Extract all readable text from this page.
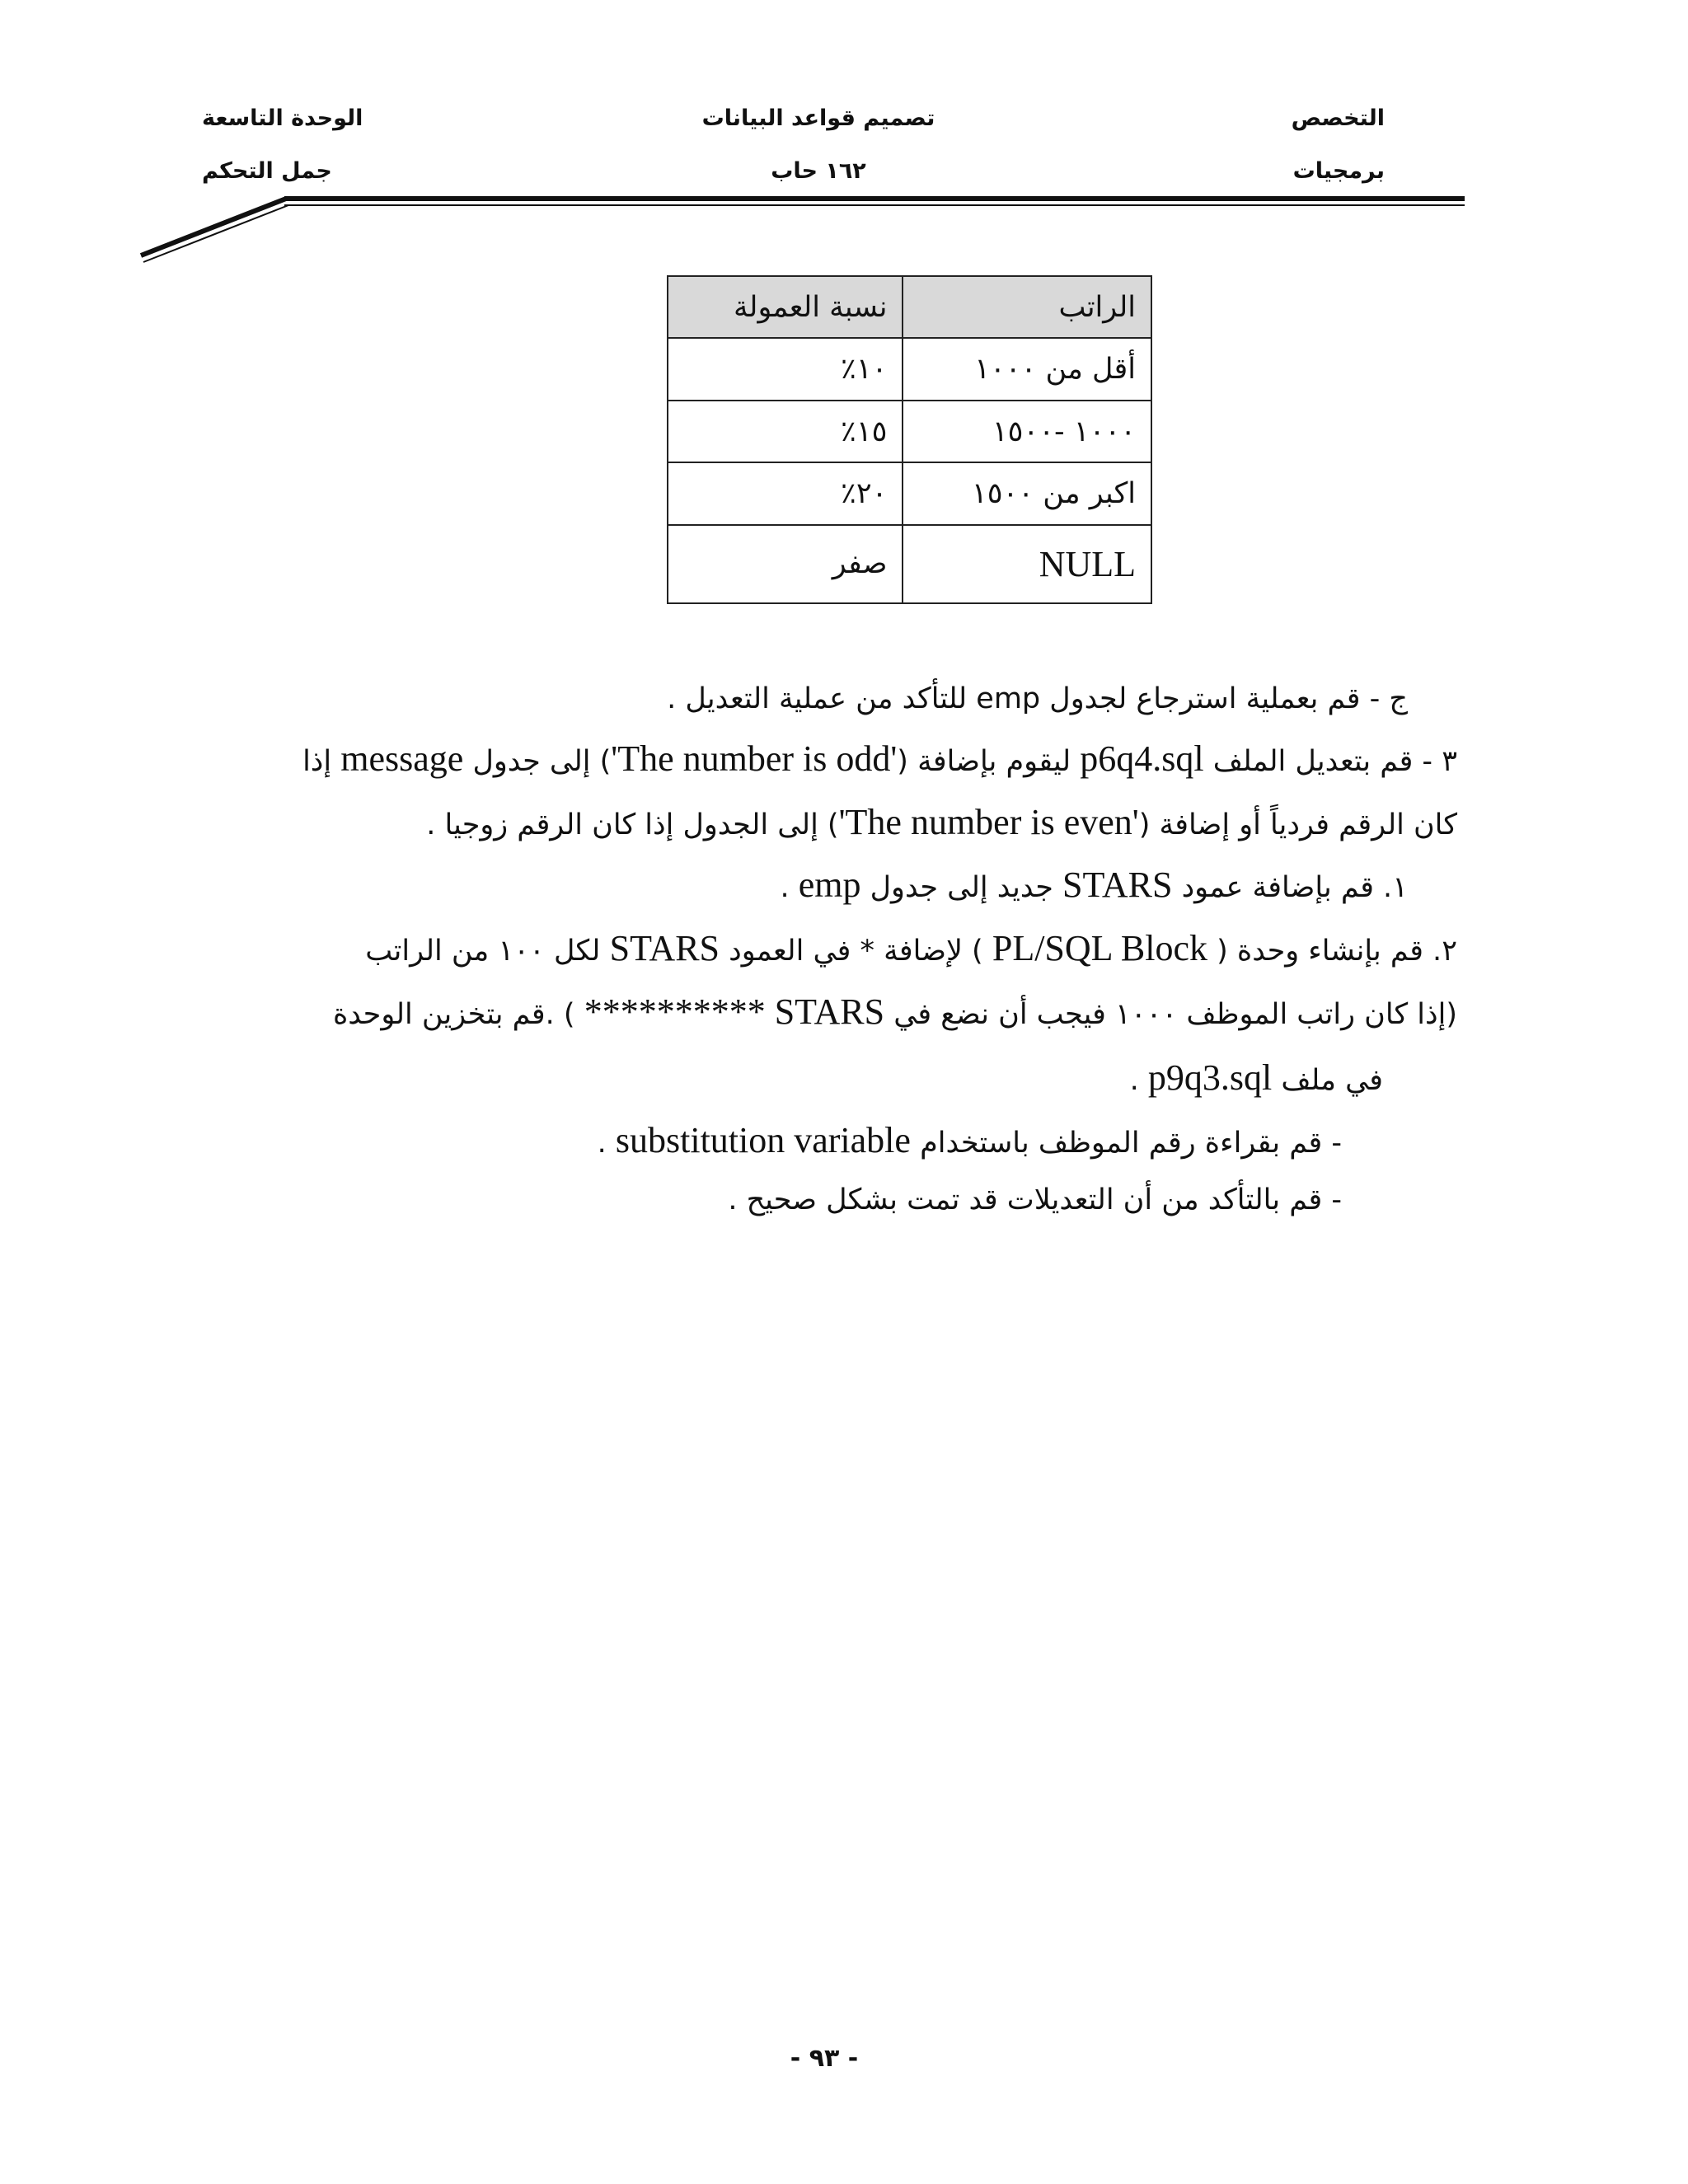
التخصص
برمجيات
تصميم قواعد البيانات
١٦٢ حاب
الوحدة التاسعة
جمل التحكم
الراتب	نسبة العمولة
أقل من ١٠٠٠	١٠٪
١٠٠٠ -١٥٠٠	١٥٪
اكبر من ١٥٠٠	٢٠٪
NULL	صفر
ج - قم بعملية استرجاع لجدول emp للتأكد من عملية التعديل .
٣ - قم بتعديل الملف p6q4.sql ليقوم بإضافة ('The number is odd') إلى جدول message إذا
كان الرقم فردياً أو إضافة ('The number is even') إلى الجدول إذا كان الرقم زوجيا .
١. قم بإضافة عمود STARS جديد إلى جدول emp .
٢. قم بإنشاء وحدة ( PL/SQL Block ) لإضافة * في العمود STARS لكل ١٠٠ من الراتب
(إذا كان راتب الموظف ١٠٠٠ فيجب أن نضع في STARS ********** ) .قم بتخزين الوحدة
في ملف p9q3.sql .
- قم بقراءة رقم الموظف باستخدام substitution variable .
- قم بالتأكد من أن التعديلات قد تمت بشكل صحيح .
- ٩٣ -
